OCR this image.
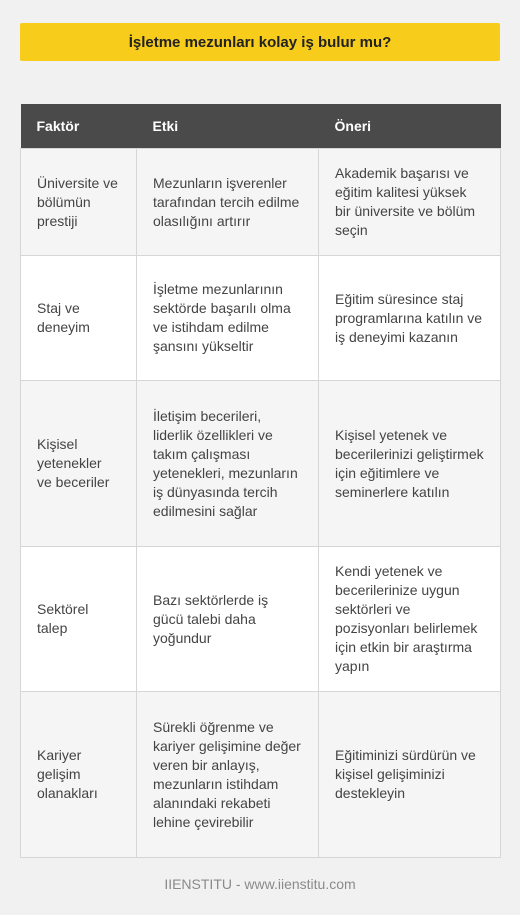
İşletme mezunları kolay iş bulur mu?
Faktör	Etki	Öneri
Üniversite ve bölümün prestiji	Mezunların işverenler tarafından tercih edilme olasılığını artırır	Akademik başarısı ve eğitim kalitesi yüksek bir üniversite ve bölüm seçin
Staj ve deneyim	İşletme mezunlarının sektörde başarılı olma ve istihdam edilme şansını yükseltir	Eğitim süresince staj programlarına katılın ve iş deneyimi kazanın
Kişisel yetenekler ve beceriler	İletişim becerileri, liderlik özellikleri ve takım çalışması yetenekleri, mezunların iş dünyasında tercih edilmesini sağlar	Kişisel yetenek ve becerilerinizi geliştirmek için eğitimlere ve seminerlere katılın
Sektörel talep	Bazı sektörlerde iş gücü talebi daha yoğundur	Kendi yetenek ve becerilerinize uygun sektörleri ve pozisyonları belirlemek için etkin bir araştırma yapın
Kariyer gelişim olanakları	Sürekli öğrenme ve kariyer gelişimine değer veren bir anlayış, mezunların istihdam alanındaki rekabeti lehine çevirebilir	Eğitiminizi sürdürün ve kişisel gelişiminizi destekleyin
IIENSTITU - www.iienstitu.com
